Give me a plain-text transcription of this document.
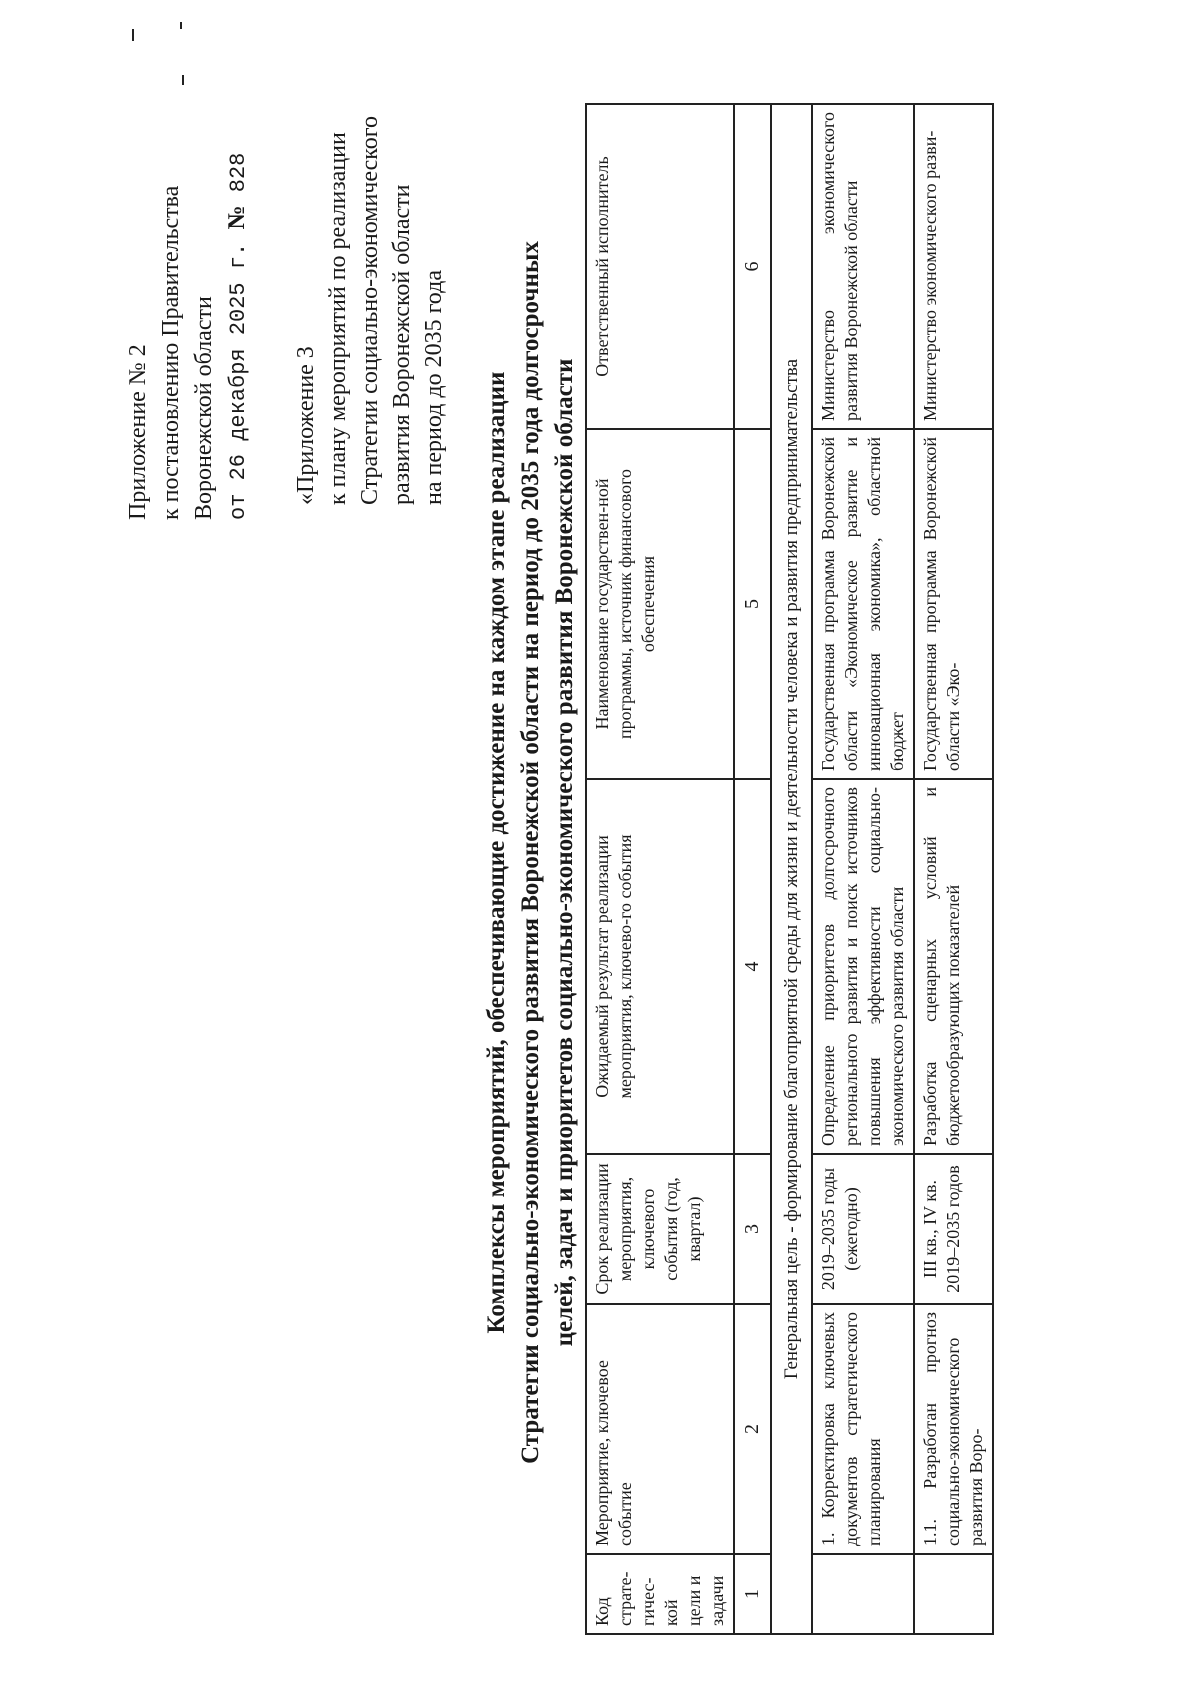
Приложение № 2 к постановлению Правительства Воронежской области от 26 декабря 2025 г. № 828
«Приложение 3 к плану мероприятий по реализации Стратегии социально-экономического развития Воронежской области на период до 2035 года Комплексы мероприятий, обеспечивающие достижение на каждом этапе реализации Стратегии социально-экономического развития Воронежской области на период до 2035 года долгосрочных целей, задач и приоритетов социально-экономического развития Воронежской области
Код страте-гичес-кой цели и задачи	Мероприятие, ключевое событие	Срок реализации мероприятия, ключевого события (год, квартал)	Ожидаемый результат реализации мероприятия, ключево-го события	Наименование государствен-ной программы, источник финансового обеспечения	Ответственный исполнитель
1	2	3	4	5	6
Генеральная цель - формирование благоприятной среды для жизни и деятельности человека и развития предпринимательства					
	1. Корректировка ключевых документов стратегического планирования	2019–2035 годы (ежегодно)	Определение приоритетов долгосрочного регионального развития и поиск источников повышения эффективности социально-экономического развития области	Государственная программа Воронежской области «Экономическое развитие и инновационная экономика», областной бюджет	Министерство экономического развития Воронежской области
	1.1. Разработан прогноз социально-экономического развития Воро-	III кв., IV кв. 2019–2035 годов	Разработка сценарных условий и бюджетообразующих показателей	Государственная программа Воронежской области «Эко-	Министерство экономического разви-
